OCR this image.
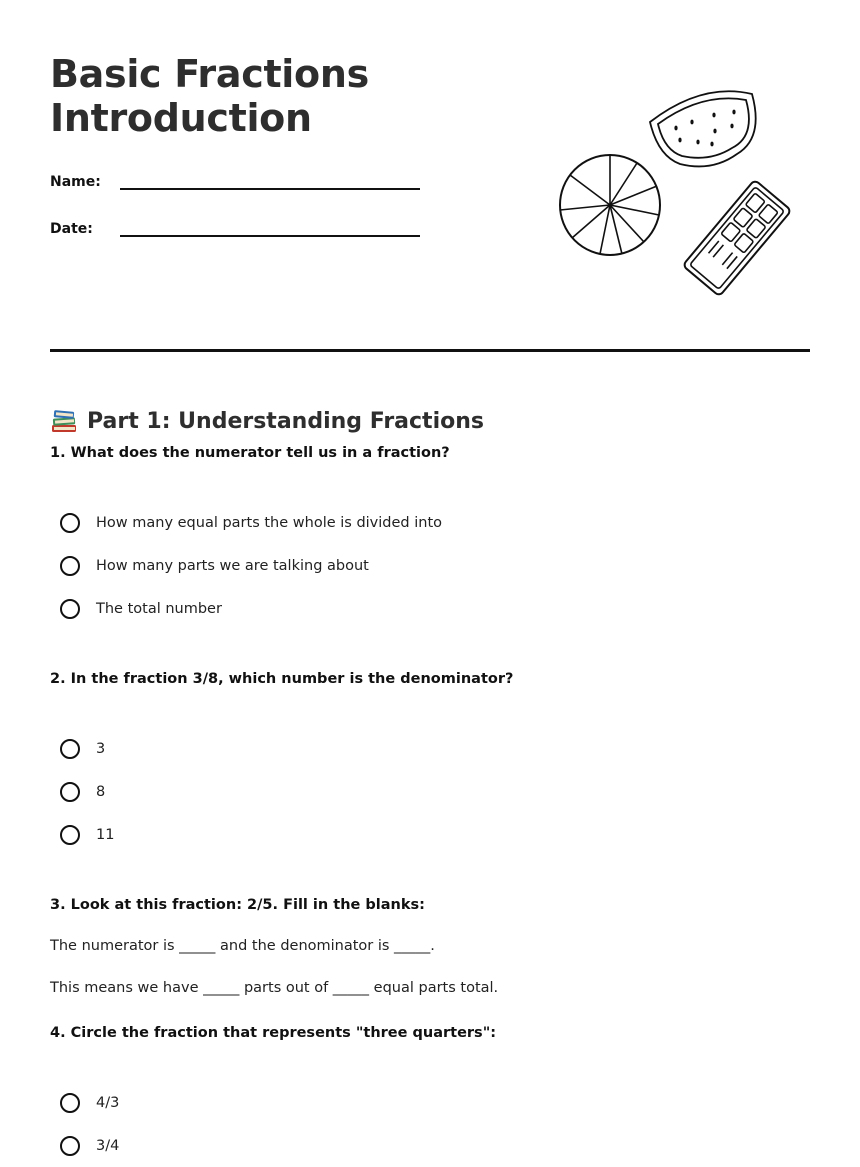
Basic Fractions
Introduction
Name:
Date:
Part 1: Understanding Fractions

1. What does the numerator tell us in a fraction?

How many equal parts the whole is divided into
How many parts we are talking about
The total number

2. In the fraction 3/8, which number is the denominator?

3
8
11

3. Look at this fraction: 2/5. Fill in the blanks:

The numerator is _____ and the denominator is _____.

This means we have _____ parts out of _____ equal parts total.

4. Circle the fraction that represents "three quarters":

4/3
3/4
